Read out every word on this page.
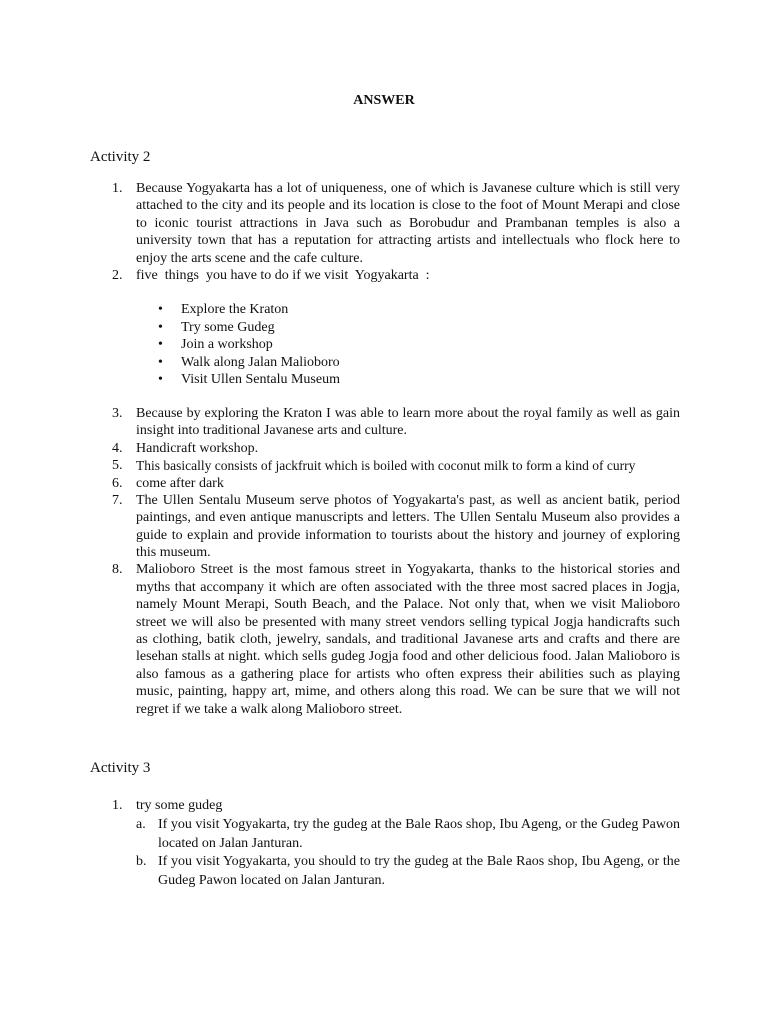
ANSWER
Activity 2
1. Because Yogyakarta has a lot of uniqueness, one of which is Javanese culture which is still very attached to the city and its people and its location is close to the foot of Mount Merapi and close to iconic tourist attractions in Java such as Borobudur and Prambanan temples is also a university town that has a reputation for attracting artists and intellectuals who flock here to enjoy the arts scene and the cafe culture.
2. five  things  you have to do if we visit  Yogyakarta  :
• Explore the Kraton
• Try some Gudeg
• Join a workshop
• Walk along Jalan Malioboro
• Visit Ullen Sentalu Museum
3. Because by exploring the Kraton I was able to learn more about the royal family as well as gain insight into traditional Javanese arts and culture.
4. Handicraft workshop.
5. This basically consists of jackfruit which is boiled with coconut milk to form a kind of curry
6. come after dark
7. The Ullen Sentalu Museum serve photos of Yogyakarta's past, as well as ancient batik, period paintings, and even antique manuscripts and letters. The Ullen Sentalu Museum also provides a guide to explain and provide information to tourists about the history and journey of exploring this museum.
8. Malioboro Street is the most famous street in Yogyakarta, thanks to the historical stories and myths that accompany it which are often associated with the three most sacred places in Jogja, namely Mount Merapi, South Beach, and the Palace. Not only that, when we visit Malioboro street we will also be presented with many street vendors selling typical Jogja handicrafts such as clothing, batik cloth, jewelry, sandals, and traditional Javanese arts and crafts and there are lesehan stalls at night. which sells gudeg Jogja food and other delicious food. Jalan Malioboro is also famous as a gathering place for artists who often express their abilities such as playing music, painting, happy art, mime, and others along this road. We can be sure that we will not regret if we take a walk along Malioboro street.
Activity 3
1. try some gudeg
a. If you visit Yogyakarta, try the gudeg at the Bale Raos shop, Ibu Ageng, or the Gudeg Pawon located on Jalan Janturan.
b. If you visit Yogyakarta, you should to try the gudeg at the Bale Raos shop, Ibu Ageng, or the Gudeg Pawon located on Jalan Janturan.
